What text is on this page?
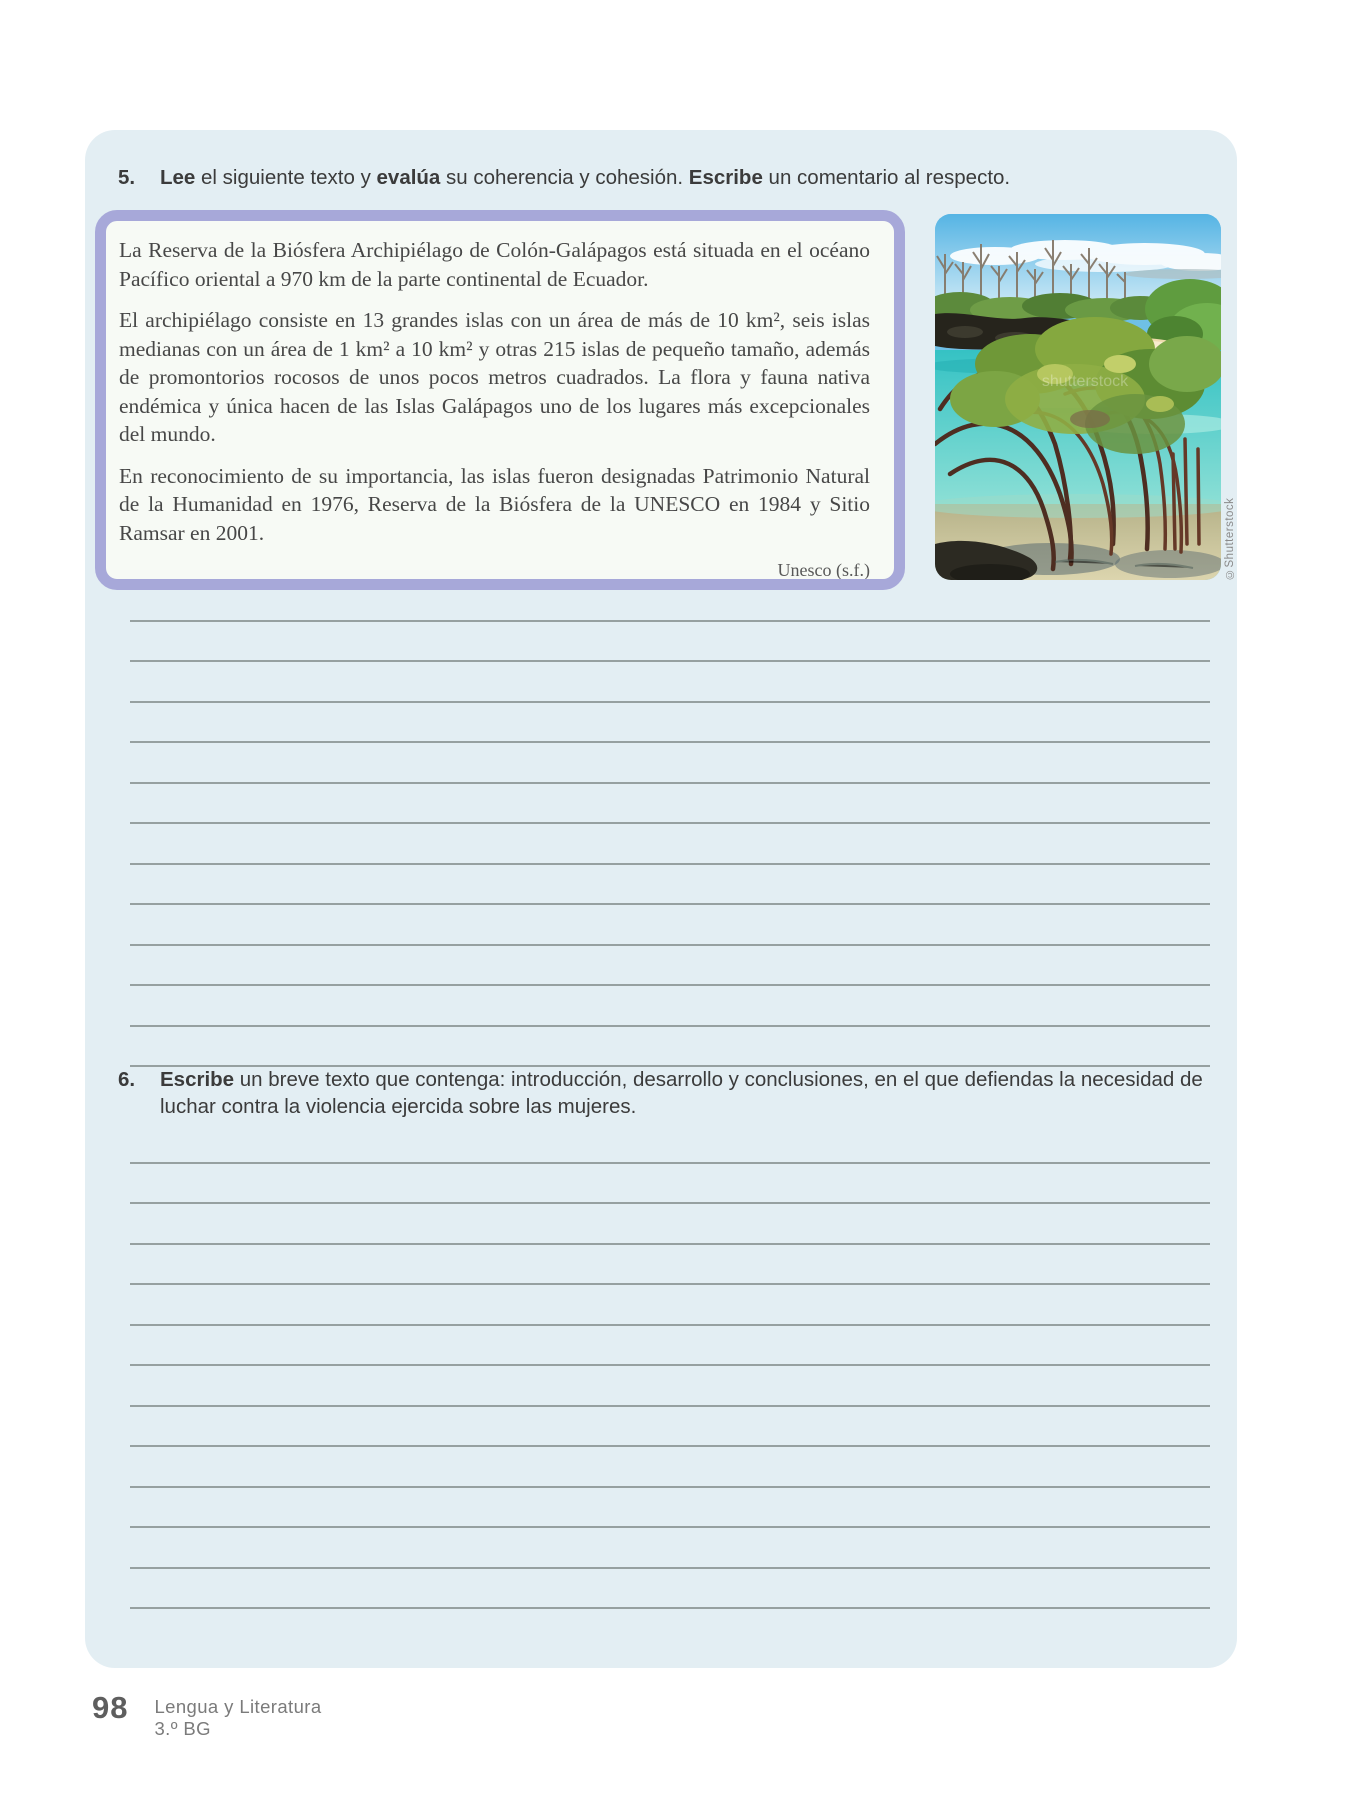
5.	Lee el siguiente texto y evalúa su coherencia y cohesión. Escribe un comentario al respecto.

La Reserva de la Biósfera Archipiélago de Colón-Galápagos está situada en el océano Pacífico oriental a 970 km de la parte continental de Ecuador.

El archipiélago consiste en 13 grandes islas con un área de más de 10 km², seis islas medianas con un área de 1 km² a 10 km² y otras 215 islas de pequeño tamaño, además de promontorios rocosos de unos pocos metros cuadrados. La flora y fauna nativa endémica y única hacen de las Islas Galápagos uno de los lugares más excepcionales del mundo.

En reconocimiento de su importancia, las islas fueron designadas Patrimonio Natural de la Humanidad en 1976, Reserva de la Biósfera de la UNESCO en 1984 y Sitio Ramsar en 2001.

Unesco (s.f.)

shutterstock
©Shutterstock
6.	Escribe un breve texto que contenga: introducción, desarrollo y conclusiones, en el que defiendas la necesidad de luchar contra la violencia ejercida sobre las mujeres.
98 Lengua y Literatura
3.º BG
